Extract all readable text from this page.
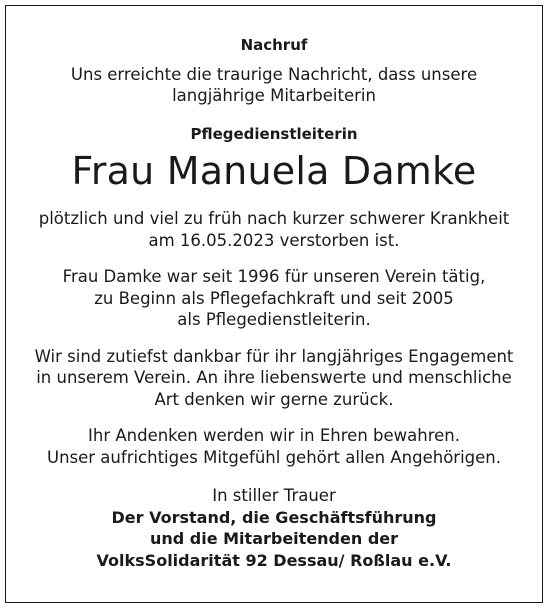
Nachruf
Uns erreichte die traurige Nachricht, dass unsere
langjährige Mitarbeiterin
Pflegedienstleiterin
Frau Manuela Damke
plötzlich und viel zu früh nach kurzer schwerer Krankheit
am 16.05.2023 verstorben ist.
Frau Damke war seit 1996 für unseren Verein tätig,
zu Beginn als Pflegefachkraft und seit 2005
als Pflegedienstleiterin.
Wir sind zutiefst dankbar für ihr langjähriges Engagement
in unserem Verein. An ihre liebenswerte und menschliche
Art denken wir gerne zurück.
Ihr Andenken werden wir in Ehren bewahren.
Unser aufrichtiges Mitgefühl gehört allen Angehörigen.
In stiller Trauer
Der Vorstand, die Geschäftsführung
und die Mitarbeitenden der
VolksSolidarität 92 Dessau/ Roßlau e.V.
